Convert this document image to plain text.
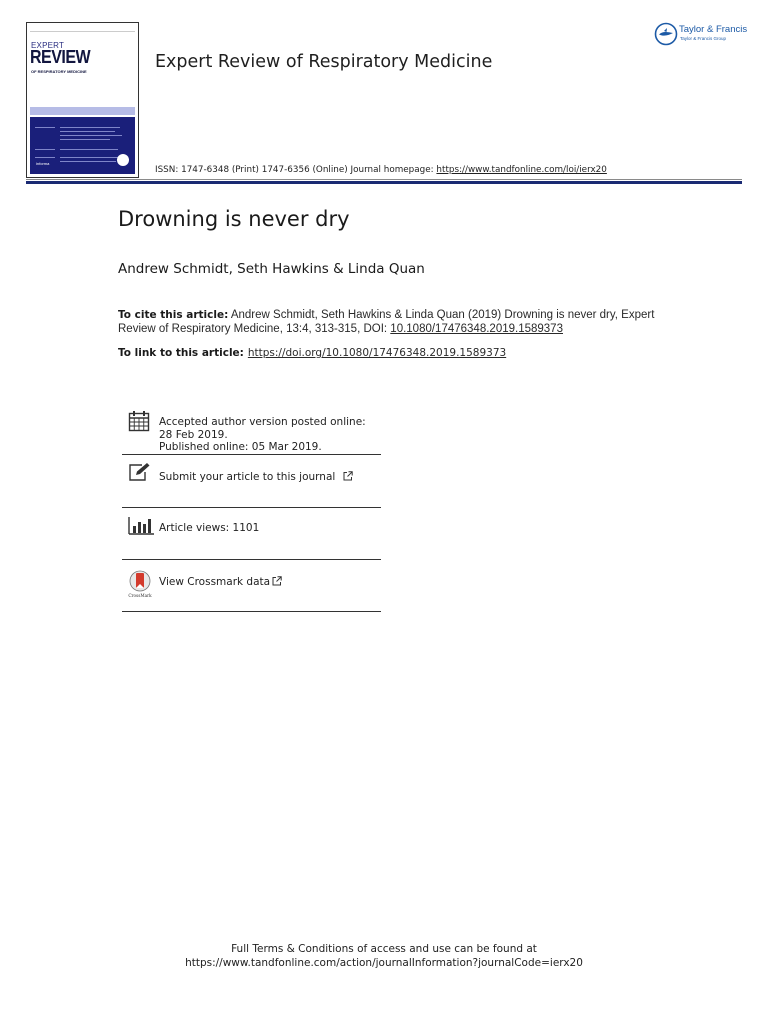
EXPERT
REVIEW
OF RESPIRATORY MEDICINE
informa
Expert Review of Respiratory Medicine
ISSN: 1747-6348 (Print) 1747-6356 (Online) Journal homepage: https://www.tandfonline.com/loi/ierx20
Taylor & Francis
Taylor & Francis Group
Drowning is never dry
Andrew Schmidt, Seth Hawkins & Linda Quan
To cite this article: Andrew Schmidt, Seth Hawkins & Linda Quan (2019) Drowning is never dry, Expert Review of Respiratory Medicine, 13:4, 313-315, DOI: 10.1080/17476348.2019.1589373
To link to this article: https://doi.org/10.1080/17476348.2019.1589373
Accepted author version posted online: 28 Feb 2019.
Published online: 05 Mar 2019.
Submit your article to this journal
Article views: 1101
CrossMark
View Crossmark data
Full Terms & Conditions of access and use can be found at
https://www.tandfonline.com/action/journalInformation?journalCode=ierx20
